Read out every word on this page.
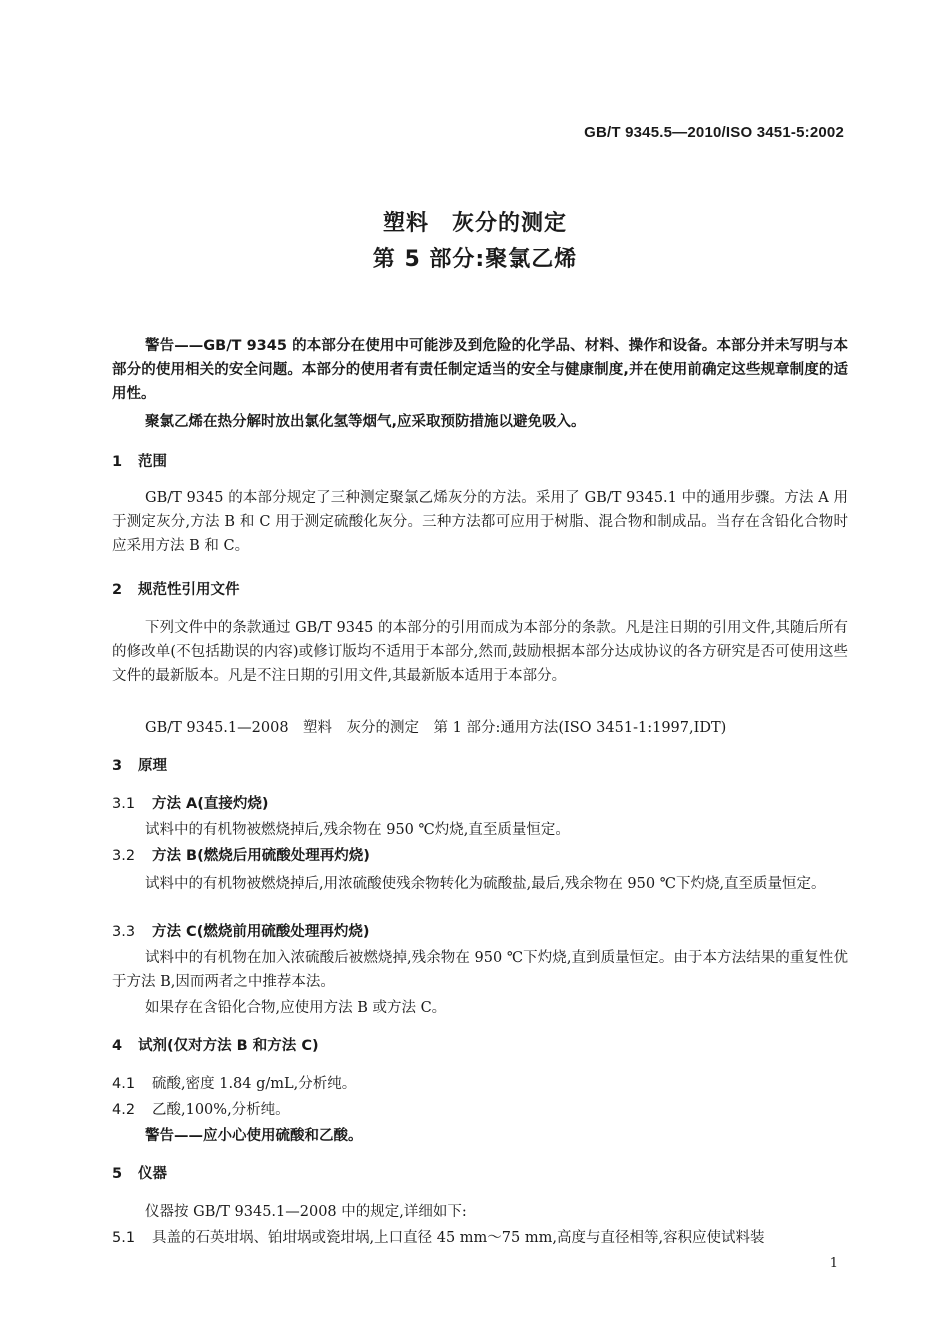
GB/T 9345.5—2010/ISO 3451-5:2002
塑料　灰分的测定
第 5 部分:聚氯乙烯
警告——GB/T 9345 的本部分在使用中可能涉及到危险的化学品、材料、操作和设备。本部分并未写明与本部分的使用相关的安全问题。本部分的使用者有责任制定适当的安全与健康制度,并在使用前确定这些规章制度的适用性。
聚氯乙烯在热分解时放出氯化氢等烟气,应采取预防措施以避免吸入。
1 范围
GB/T 9345 的本部分规定了三种测定聚氯乙烯灰分的方法。采用了 GB/T 9345.1 中的通用步骤。方法 A 用于测定灰分,方法 B 和 C 用于测定硫酸化灰分。三种方法都可应用于树脂、混合物和制成品。当存在含铅化合物时应采用方法 B 和 C。
2 规范性引用文件
下列文件中的条款通过 GB/T 9345 的本部分的引用而成为本部分的条款。凡是注日期的引用文件,其随后所有的修改单(不包括勘误的内容)或修订版均不适用于本部分,然而,鼓励根据本部分达成协议的各方研究是否可使用这些文件的最新版本。凡是不注日期的引用文件,其最新版本适用于本部分。
GB/T 9345.1—2008　塑料　灰分的测定　第 1 部分:通用方法(ISO 3451-1:1997,IDT)
3 原理
3.1 方法 A(直接灼烧)
试料中的有机物被燃烧掉后,残余物在 950 ℃灼烧,直至质量恒定。
3.2 方法 B(燃烧后用硫酸处理再灼烧)
试料中的有机物被燃烧掉后,用浓硫酸使残余物转化为硫酸盐,最后,残余物在 950 ℃下灼烧,直至质量恒定。
3.3 方法 C(燃烧前用硫酸处理再灼烧)
试料中的有机物在加入浓硫酸后被燃烧掉,残余物在 950 ℃下灼烧,直到质量恒定。由于本方法结果的重复性优于方法 B,因而两者之中推荐本法。
如果存在含铅化合物,应使用方法 B 或方法 C。
4 试剂(仅对方法 B 和方法 C)
4.1 硫酸,密度 1.84 g/mL,分析纯。
4.2 乙酸,100%,分析纯。
警告——应小心使用硫酸和乙酸。
5 仪器
仪器按 GB/T 9345.1—2008 中的规定,详细如下:
5.1 具盖的石英坩埚、铂坩埚或瓷坩埚,上口直径 45 mm～75 mm,高度与直径相等,容积应使试料装
1
